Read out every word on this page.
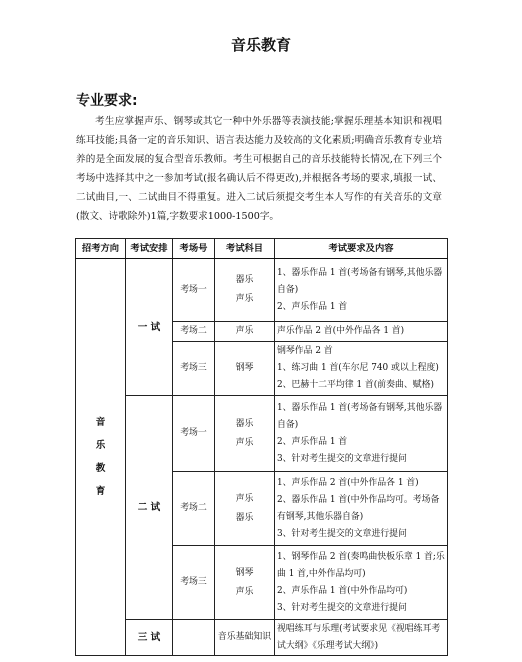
音乐教育
专业要求:
考生应掌握声乐、钢琴或其它一种中外乐器等表演技能;掌握乐理基本知识和视唱练耳技能;具备一定的音乐知识、语言表达能力及较高的文化素质;明确音乐教育专业培养的是全面发展的复合型音乐教师。考生可根据自己的音乐技能特长情况,在下列三个考场中选择其中之一参加考试(报名确认后不得更改),并根据各考场的要求,填报一试、二试曲目,一、二试曲目不得重复。进入二试后须提交考生本人写作的有关音乐的文章(散文、诗歌除外)1篇,字数要求1000-1500字。
招考方向	考试安排	考场号	考试科目	考试要求及内容

音
乐
教
育	一 试	考场一	器乐
声乐	1、器乐作品 1 首(考场备有钢琴,其他乐器自备)
2、声乐作品 1 首

		考场二	声乐	声乐作品 2 首(中外作品各 1 首)

		考场三	钢琴	钢琴作品 2 首
1、练习曲 1 首(车尔尼 740 或以上程度)
2、巴赫十二平均律 1 首(前奏曲、赋格)

	二 试	考场一	器乐
声乐	1、器乐作品 1 首(考场备有钢琴,其他乐器自备)
2、声乐作品 1 首
3、针对考生提交的文章进行提问

		考场二	声乐
器乐	1、声乐作品 2 首(中外作品各 1 首)
2、器乐作品 1 首(中外作品均可。考场备有钢琴,其他乐器自备)
3、针对考生提交的文章进行提问

		考场三	钢琴
声乐	1、钢琴作品 2 首(奏鸣曲快板乐章 1 首;乐曲 1 首,中外作品均可)
2、声乐作品 1 首(中外作品均可)
3、针对考生提交的文章进行提问

	三 试		音乐基础知识	视唱练耳与乐理(考试要求见《视唱练耳考试大纲》《乐理考试大纲》)
